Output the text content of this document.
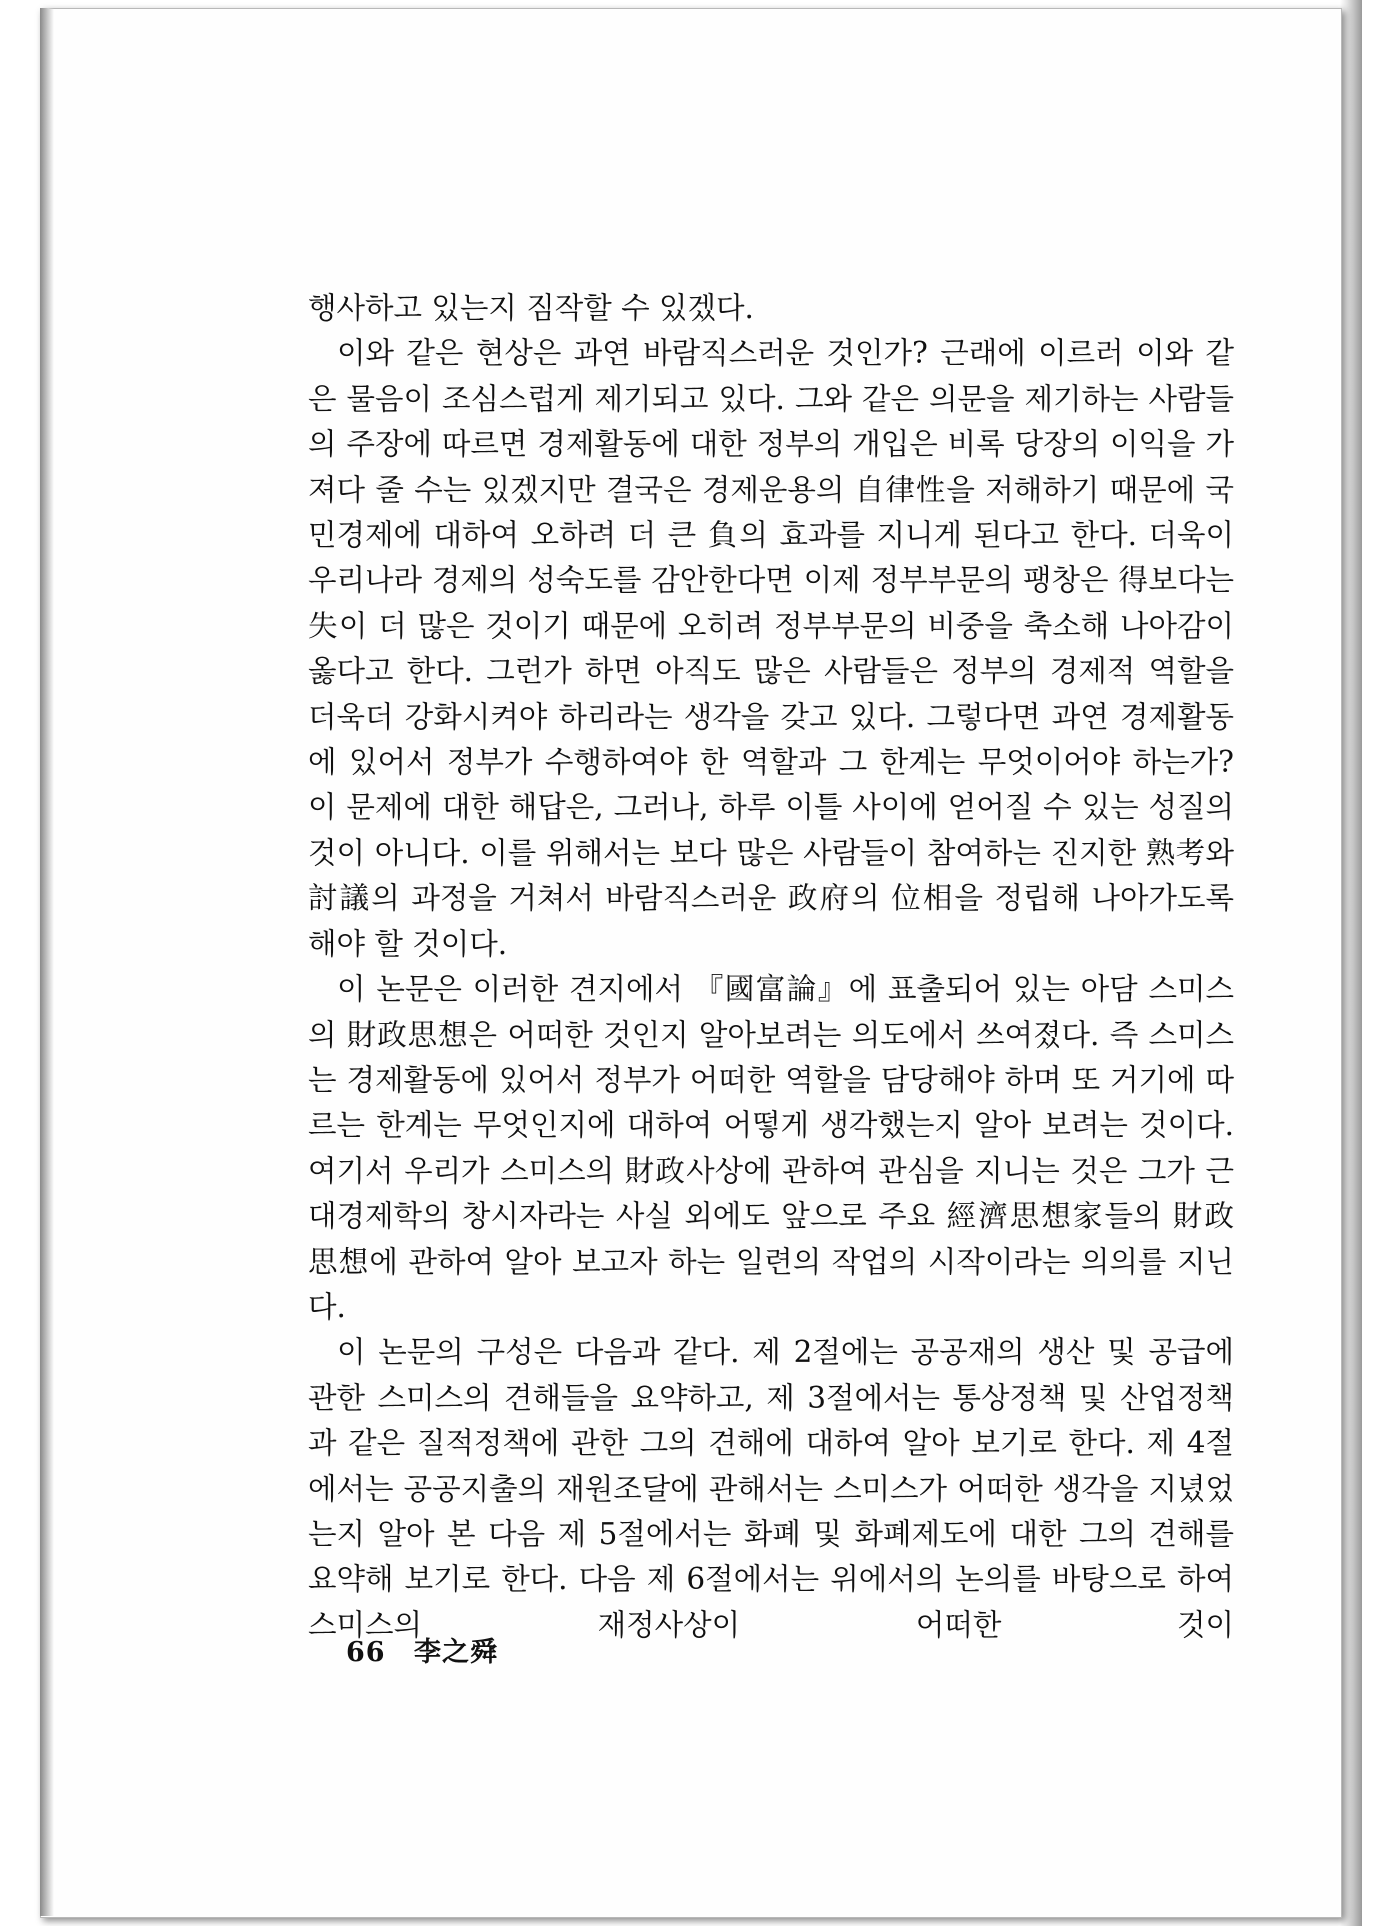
행사하고 있는지 짐작할 수 있겠다.

이와 같은 현상은 과연 바람직스러운 것인가? 근래에 이르러 이와 같은 물음이 조심스럽게 제기되고 있다. 그와 같은 의문을 제기하는 사람들의 주장에 따르면 경제활동에 대한 정부의 개입은 비록 당장의 이익을 가져다 줄 수는 있겠지만 결국은 경제운용의 自律性을 저해하기 때문에 국민경제에 대하여 오하려 더 큰 負의 효과를 지니게 된다고 한다. 더욱이 우리나라 경제의 성숙도를 감안한다면 이제 정부부문의 팽창은 得보다는 失이 더 많은 것이기 때문에 오히려 정부부문의 비중을 축소해 나아감이 옳다고 한다. 그런가 하면 아직도 많은 사람들은 정부의 경제적 역할을 더욱더 강화시켜야 하리라는 생각을 갖고 있다. 그렇다면 과연 경제활동에 있어서 정부가 수행하여야 한 역할과 그 한계는 무엇이어야 하는가? 이 문제에 대한 해답은, 그러나, 하루 이틀 사이에 얻어질 수 있는 성질의 것이 아니다. 이를 위해서는 보다 많은 사람들이 참여하는 진지한 熟考와 討議의 과정을 거쳐서 바람직스러운 政府의 位相을 정립해 나아가도록 해야 할 것이다.

이 논문은 이러한 견지에서 『國富論』에 표출되어 있는 아담 스미스의 財政思想은 어떠한 것인지 알아보려는 의도에서 쓰여졌다. 즉 스미스는 경제활동에 있어서 정부가 어떠한 역할을 담당해야 하며 또 거기에 따르는 한계는 무엇인지에 대하여 어떻게 생각했는지 알아 보려는 것이다. 여기서 우리가 스미스의 財政사상에 관하여 관심을 지니는 것은 그가 근대경제학의 창시자라는 사실 외에도 앞으로 주요 經濟思想家들의 財政思想에 관하여 알아 보고자 하는 일련의 작업의 시작이라는 의의를 지닌다.

이 논문의 구성은 다음과 같다. 제 2절에는 공공재의 생산 및 공급에 관한 스미스의 견해들을 요약하고, 제 3절에서는 통상정책 및 산업정책과 같은 질적정책에 관한 그의 견해에 대하여 알아 보기로 한다. 제 4절에서는 공공지출의 재원조달에 관해서는 스미스가 어떠한 생각을 지녔었는지 알아 본 다음 제 5절에서는 화폐 및 화폐제도에 대한 그의 견해를 요약해 보기로 한다. 다음 제 6절에서는 위에서의 논의를 바탕으로 하여 스미스의 재정사상이 어떠한 것이

66 李之舜
